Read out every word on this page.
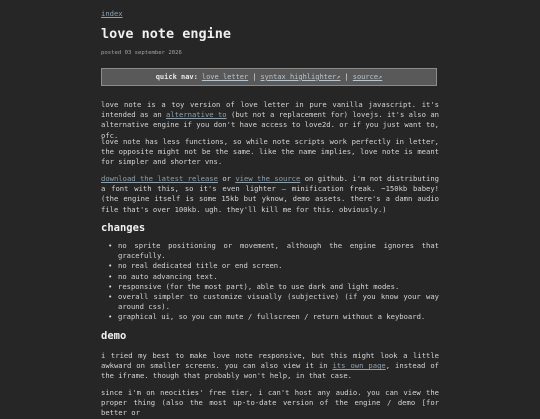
index
love note engine
posted 03 september 2026
quick nav: love letter | syntax highlighter↗ | source↗

love note is a toy version of love letter in pure vanilla javascript. it's intended as an alternative to (but not a replacement for) lovejs. it's also an alternative engine if you don't have access to love2d. or if you just want to, ofc.

love note has less functions, so while note scripts work perfectly in letter, the opposite might not be the same. like the name implies, love note is meant for simpler and shorter vns.

download the latest release or view the source on github. i'm not distributing a font with this, so it's even lighter — minification freak. ~150kb babey! (the engine itself is some 15kb but yknow, demo assets. there's a damn audio file that's over 100kb. ugh. they'll kill me for this. obviously.)

changes
• no sprite positioning or movement, although the engine ignores that gracefully.
• no real dedicated title or end screen.
• no auto advancing text.
• responsive (for the most part), able to use dark and light modes.
• overall simpler to customize visually (subjective) (if you know your way around css).
• graphical ui, so you can mute / fullscreen / return without a keyboard.
demo

i tried my best to make love note responsive, but this might look a little awkward on smaller screens. you can also view it in its own page, instead of the iframe. though that probably won't help, in that case.

since i'm on neocities' free tier, i can't host any audio. you can view the proper thing (also the most up-to-date version of the engine / demo [for better or
